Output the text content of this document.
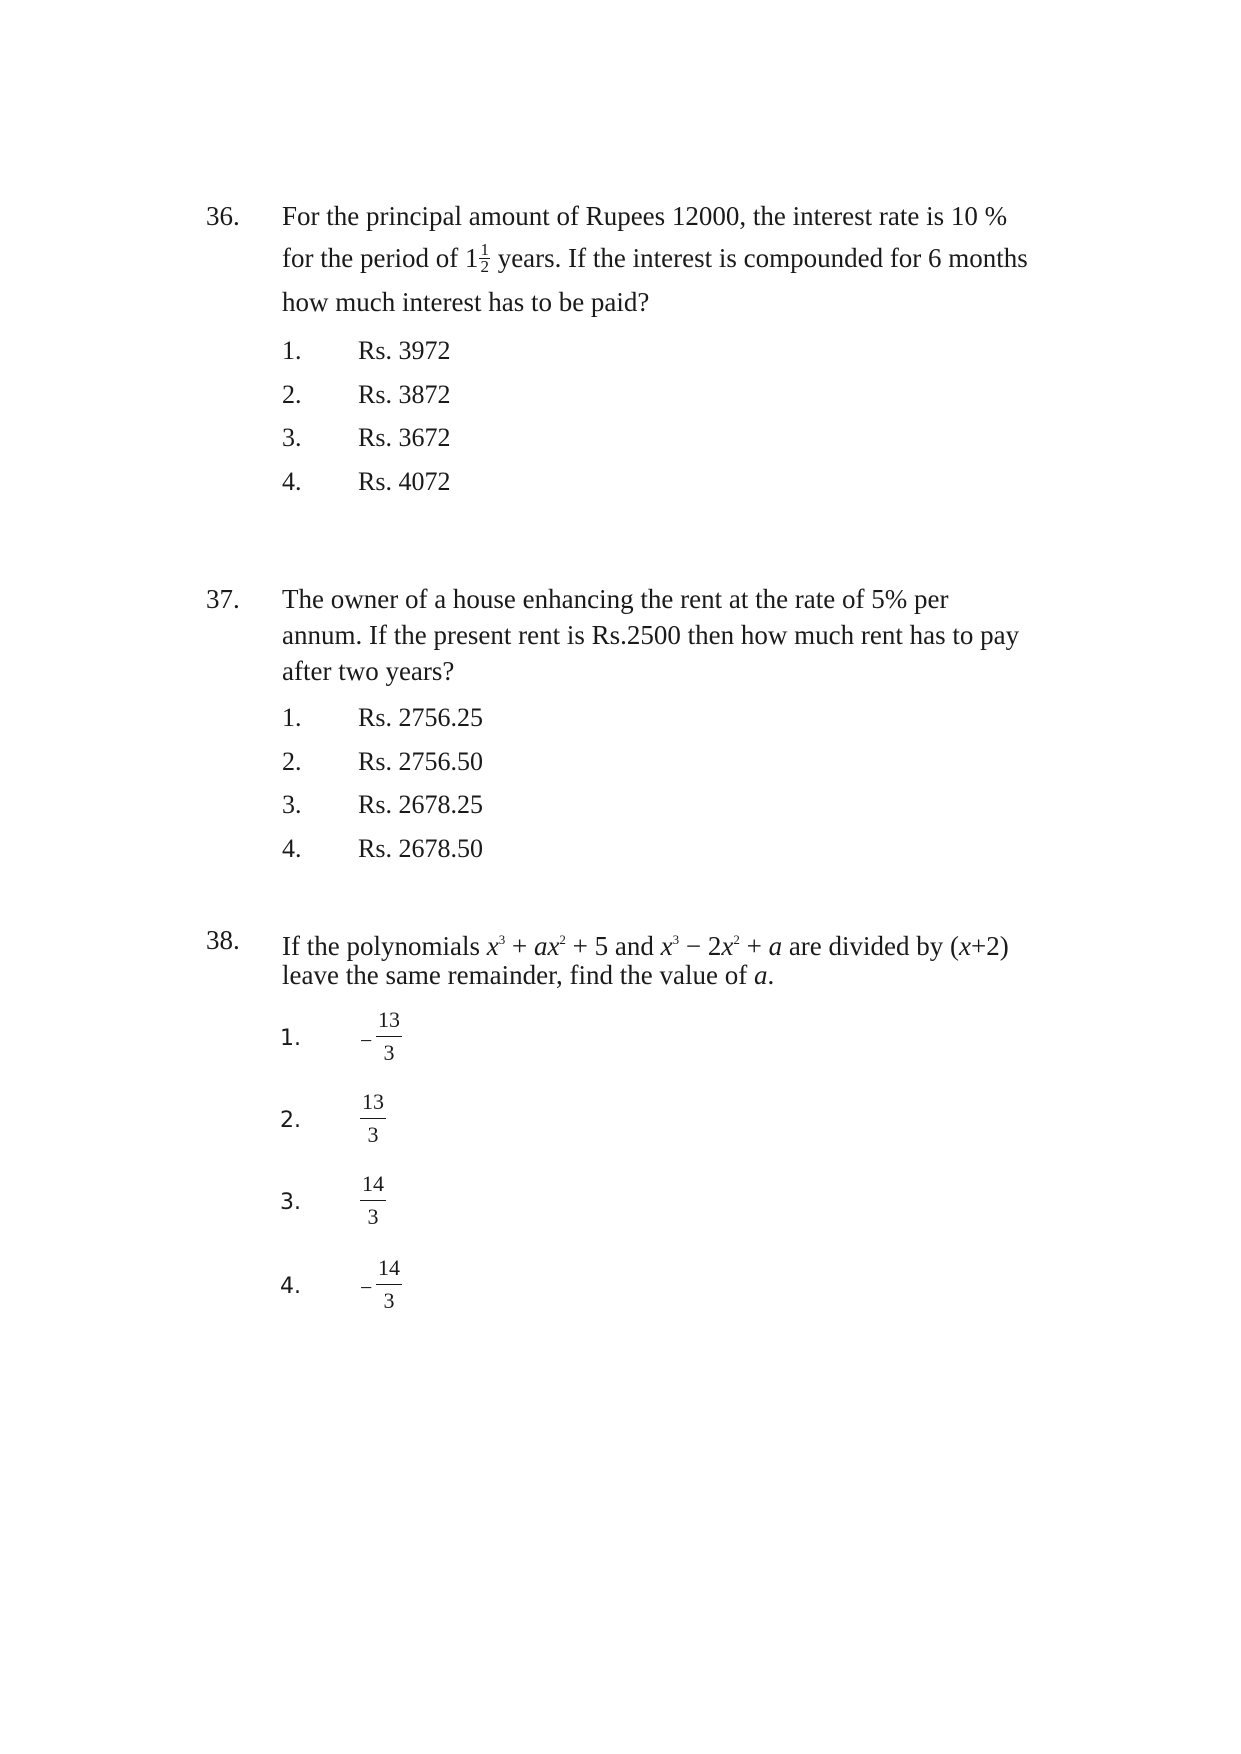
36. For the principal amount of Rupees 12000, the interest rate is 10 %
for the period of $1 \frac{1}{2}$ years. If the interest is compounded for 6 months
how much interest has to be paid?
1. Rs. 3972
2. Rs. 3872
3. Rs. 3672
4. Rs. 4072
37. The owner of a house enhancing the rent at the rate of 5% per
annum. If the present rent is Rs.2500 then how much rent has to pay
after two years?
1. Rs. 2756.25
2. Rs. 2756.50
3. Rs. 2678.25
4. Rs. 2678.50
38. If the polynomials $x^3 + ax^2 + 5$ and $x^3 - 2x^2 + a$ are divided by (x+2)
leave the same remainder, find the value of a.
1.	− $\frac{13}{3}$
2.	$\frac{13}{3}$
3.	$\frac{14}{3}$
4.	− $\frac{14}{3}$
